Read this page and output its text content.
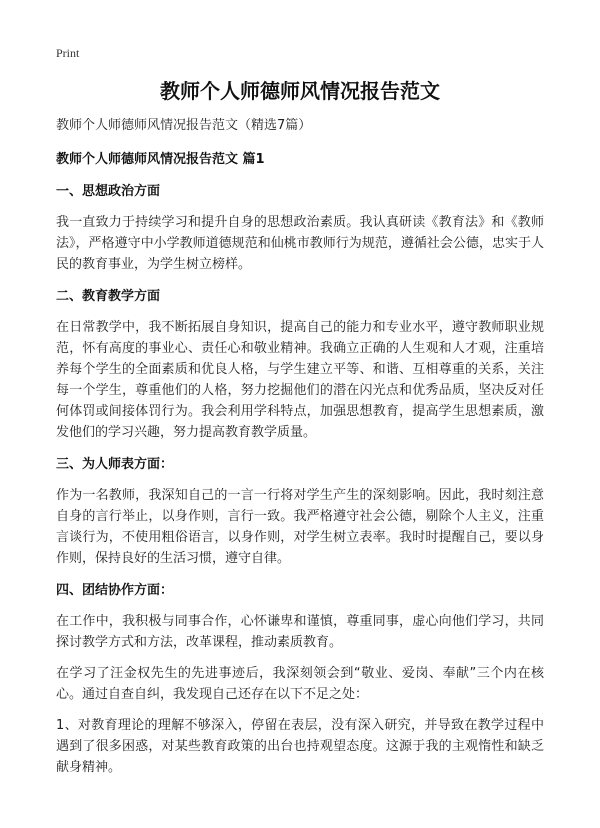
Print
教师个人师德师风情况报告范文
教师个人师德师风情况报告范文（精选7篇）
教师个人师德师风情况报告范文 篇1
一、思想政治方面
我一直致力于持续学习和提升自身的思想政治素质。我认真研读《教育法》和《教师法》，严格遵守中小学教师道德规范和仙桃市教师行为规范，遵循社会公德，忠实于人民的教育事业，为学生树立榜样。
二、教育教学方面
在日常教学中，我不断拓展自身知识，提高自己的能力和专业水平，遵守教师职业规范，怀有高度的事业心、责任心和敬业精神。我确立正确的人生观和人才观，注重培养每个学生的全面素质和优良人格，与学生建立平等、和谐、互相尊重的关系，关注每一个学生，尊重他们的人格，努力挖掘他们的潜在闪光点和优秀品质，坚决反对任何体罚或间接体罚行为。我会利用学科特点，加强思想教育，提高学生思想素质，激发他们的学习兴趣，努力提高教育教学质量。
三、为人师表方面：
作为一名教师，我深知自己的一言一行将对学生产生的深刻影响。因此，我时刻注意自身的言行举止，以身作则，言行一致。我严格遵守社会公德，剔除个人主义，注重言谈行为，不使用粗俗语言，以身作则，对学生树立表率。我时时提醒自己，要以身作则，保持良好的生活习惯，遵守自律。
四、团结协作方面：
在工作中，我积极与同事合作，心怀谦卑和谨慎，尊重同事，虚心向他们学习，共同探讨教学方式和方法，改革课程，推动素质教育。
在学习了汪金权先生的先进事迹后，我深刻领会到“敬业、爱岗、奉献”三个内在核心。通过自查自纠，我发现自己还存在以下不足之处：
1、对教育理论的理解不够深入，停留在表层，没有深入研究，并导致在教学过程中遇到了很多困惑，对某些教育政策的出台也持观望态度。这源于我的主观惰性和缺乏献身精神。
